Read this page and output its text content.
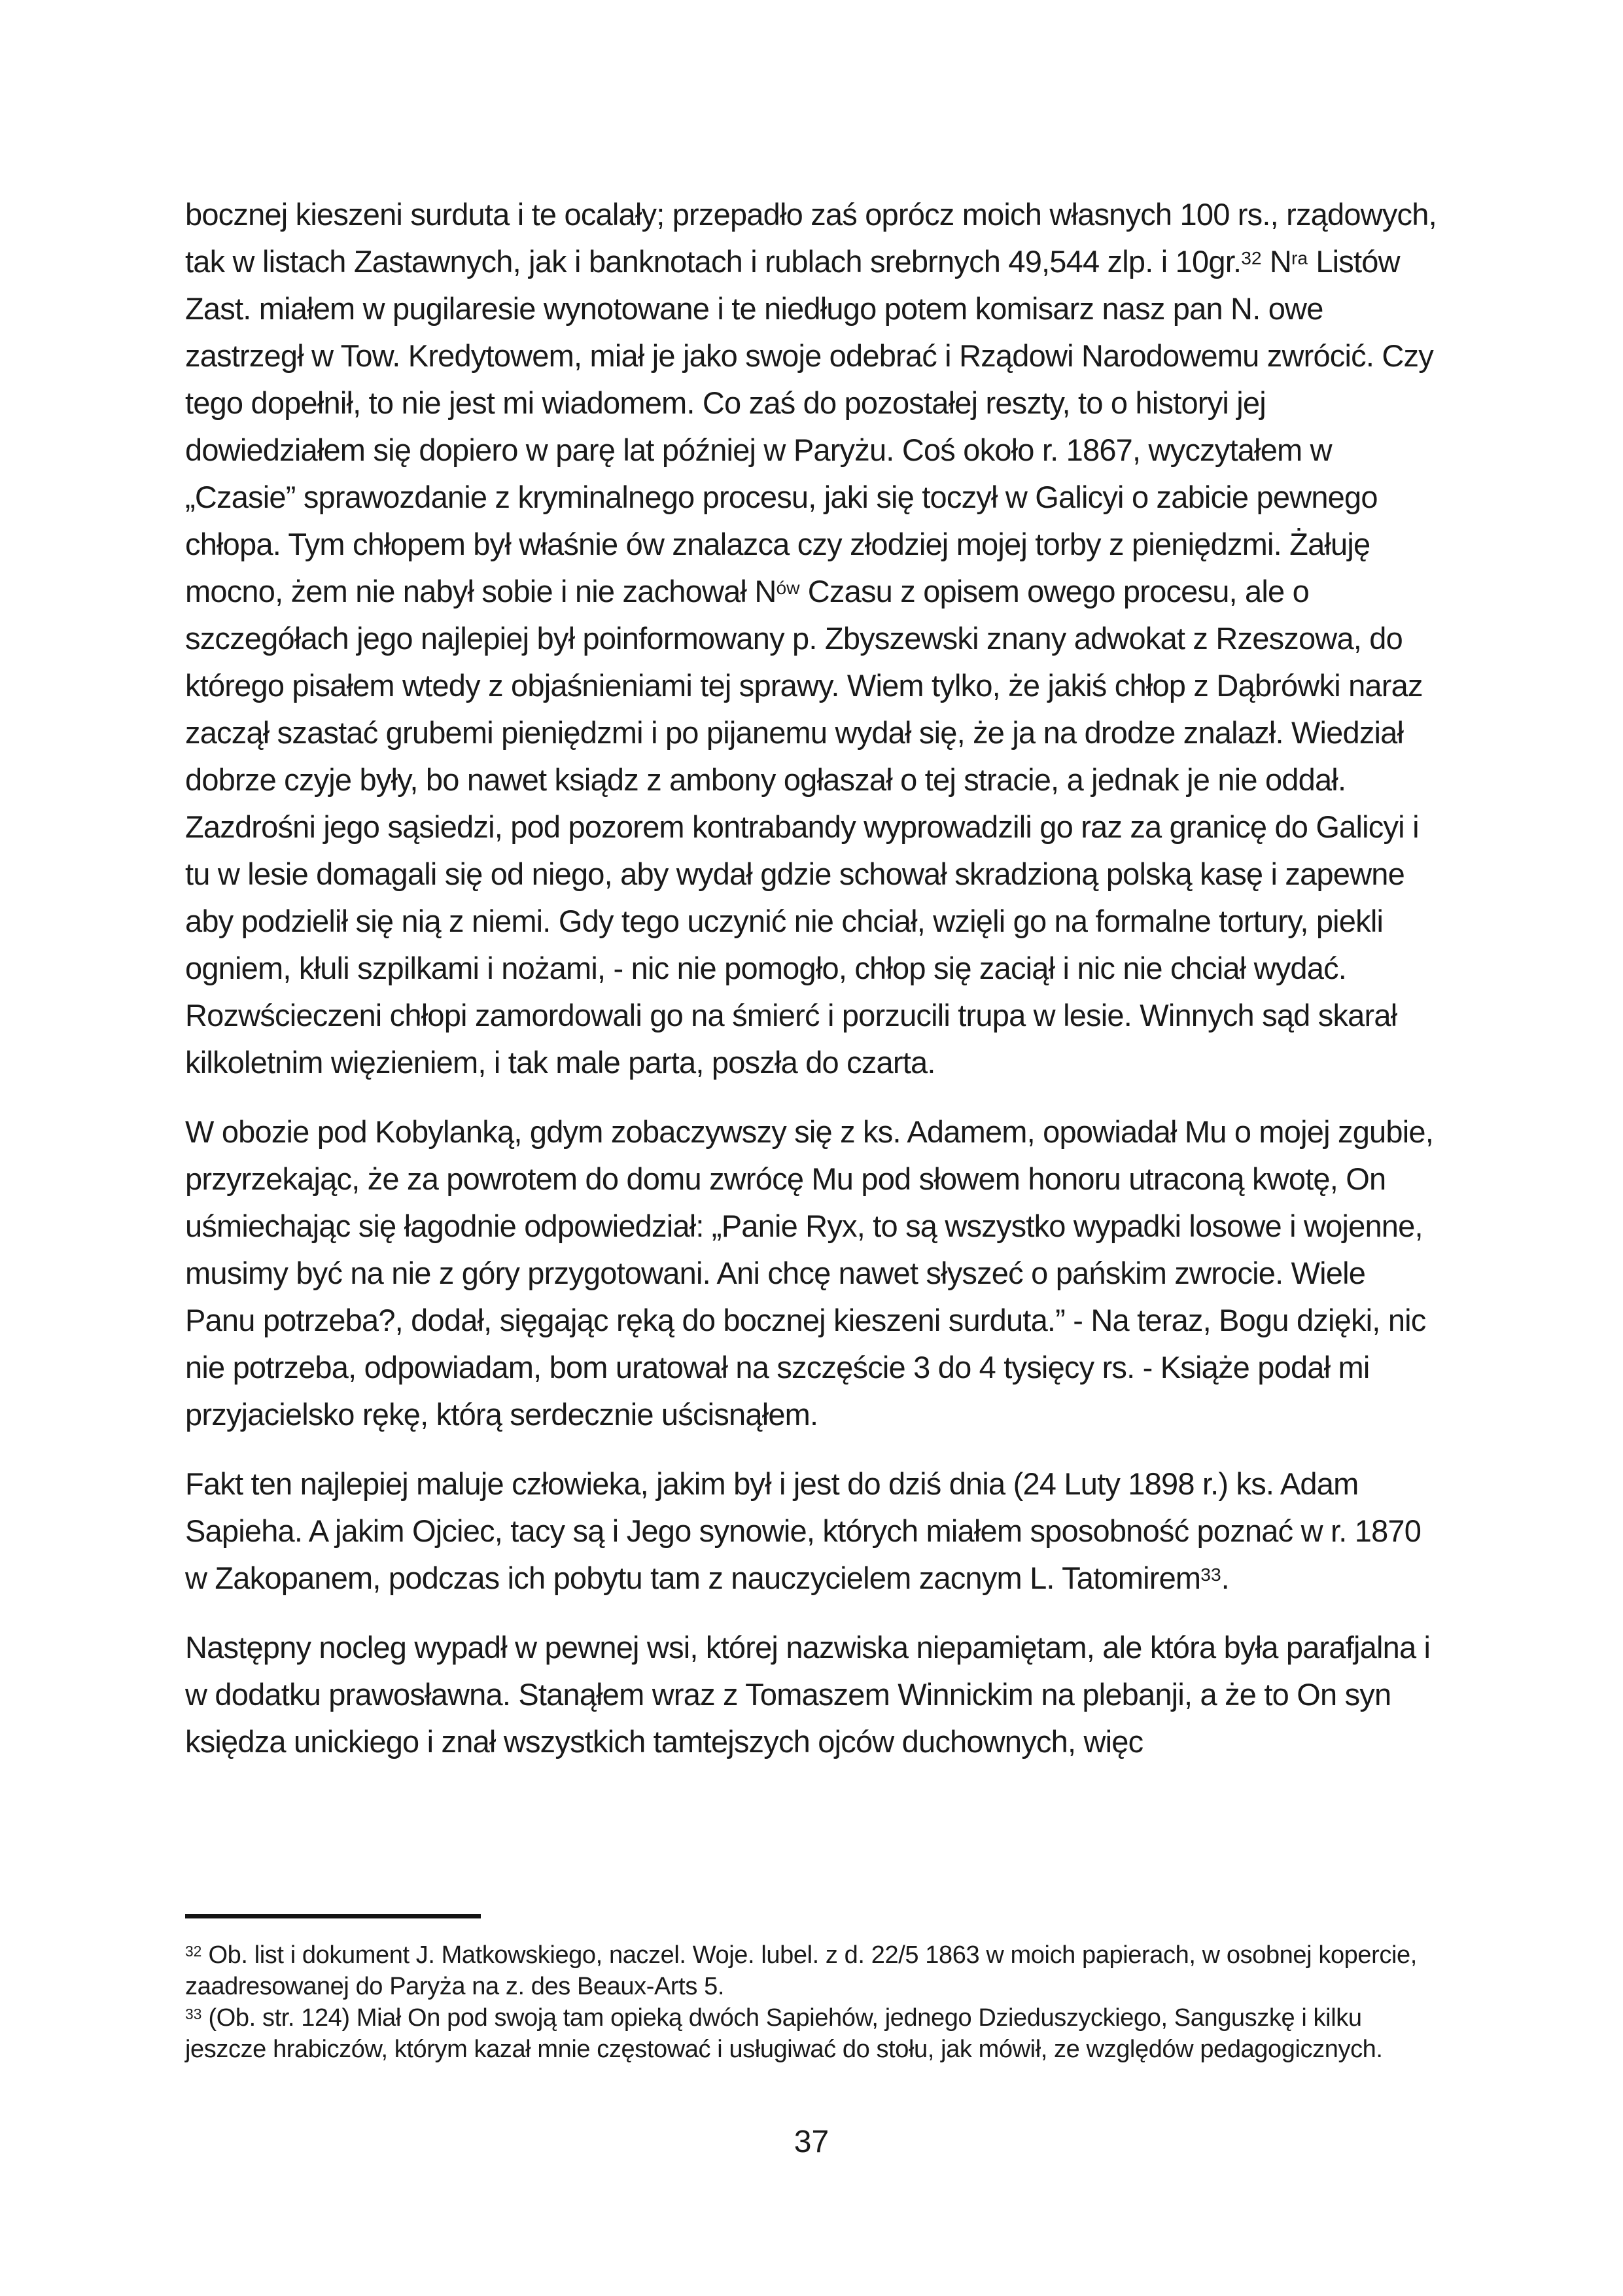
bocznej kieszeni surduta i te ocalały; przepadło zaś oprócz moich własnych 100 rs., rządowych, tak w listach Zastawnych, jak i banknotach i rublach srebrnych 49,544 zlp. i 10gr.$^{32}$ $N^{ra}$ Listów Zast. miałem w pugilaresie wynotowane i te niedługo potem komisarz nasz pan N. owe zastrzegł w Tow. Kredytowem, miał je jako swoje odebrać i Rządowi Narodowemu zwrócić. Czy tego dopełnił, to nie jest mi wiadomem. Co zaś do pozostałej reszty, to o historyi jej dowiedziałem się dopiero w parę lat później w Paryżu. Coś około r. 1867, wyczytałem w „Czasie” sprawozdanie z kryminalnego procesu, jaki się toczył w Galicyi o zabicie pewnego chłopa. Tym chłopem był właśnie ów znalazca czy złodziej mojej torby z pieniędzmi. Żałuję mocno, żem nie nabył sobie i nie zachował $N^{ów}$ Czasu z opisem owego procesu, ale o szczegółach jego najlepiej był poinformowany p. Zbyszewski znany adwokat z Rzeszowa, do którego pisałem wtedy z objaśnieniami tej sprawy. Wiem tylko, że jakiś chłop z Dąbrówki naraz zaczął szastać grubemi pieniędzmi i po pijanemu wydał się, że ja na drodze znalazł. Wiedział dobrze czyje były, bo nawet ksiądz z ambony ogłaszał o tej stracie, a jednak je nie oddał. Zazdrośni jego sąsiedzi, pod pozorem kontrabandy wyprowadzili go raz za granicę do Galicyi i tu w lesie domagali się od niego, aby wydał gdzie schował skradzioną polską kasę i zapewne aby podzielił się nią z niemi. Gdy tego uczynić nie chciał, wzięli go na formalne tortury, piekli ogniem, kłuli szpilkami i nożami, - nic nie pomogło, chłop się zaciął i nic nie chciał wydać. Rozwścieczeni chłopi zamordowali go na śmierć i porzucili trupa w lesie. Winnych sąd skarał kilkoletnim więzieniem, i tak male parta, poszła do czarta.

W obozie pod Kobylanką, gdym zobaczywszy się z ks. Adamem, opowiadał Mu o mojej zgubie, przyrzekając, że za powrotem do domu zwrócę Mu pod słowem honoru utraconą kwotę, On uśmiechając się łagodnie odpowiedział: „Panie Ryx, to są wszystko wypadki losowe i wojenne, musimy być na nie z góry przygotowani. Ani chcę nawet słyszeć o pańskim zwrocie. Wiele Panu potrzeba?, dodał, sięgając ręką do bocznej kieszeni surduta.” - Na teraz, Bogu dzięki, nic nie potrzeba, odpowiadam, bom uratował na szczęście 3 do 4 tysięcy rs. - Książe podał mi przyjacielsko rękę, którą serdecznie uścisnąłem.

Fakt ten najlepiej maluje człowieka, jakim był i jest do dziś dnia (24 Luty 1898 r.) ks. Adam Sapieha. A jakim Ojciec, tacy są i Jego synowie, których miałem sposobność poznać w r. 1870 w Zakopanem, podczas ich pobytu tam z nauczycielem zacnym L. Tatomirem$^{33}$.

Następny nocleg wypadł w pewnej wsi, której nazwiska niepamiętam, ale która była parafjalna i w dodatku prawosławna. Stanąłem wraz z Tomaszem Winnickim na plebanji, a że to On syn księdza unickiego i znał wszystkich tamtejszych ojców duchownych, więc

$^{32}$ Ob. list i dokument J. Matkowskiego, naczel. Woje. lubel. z d. 22/5 1863 w moich papierach, w osobnej kopercie, zaadresowanej do Paryża na z. des Beaux-Arts 5.

$^{33}$ (Ob. str. 124) Miał On pod swoją tam opieką dwóch Sapiehów, jednego Dzieduszyckiego, Sanguszkę i kilku jeszcze hrabiczów, którym kazał mnie częstować i usługiwać do stołu, jak mówił, ze względów pedagogicznych.

37
